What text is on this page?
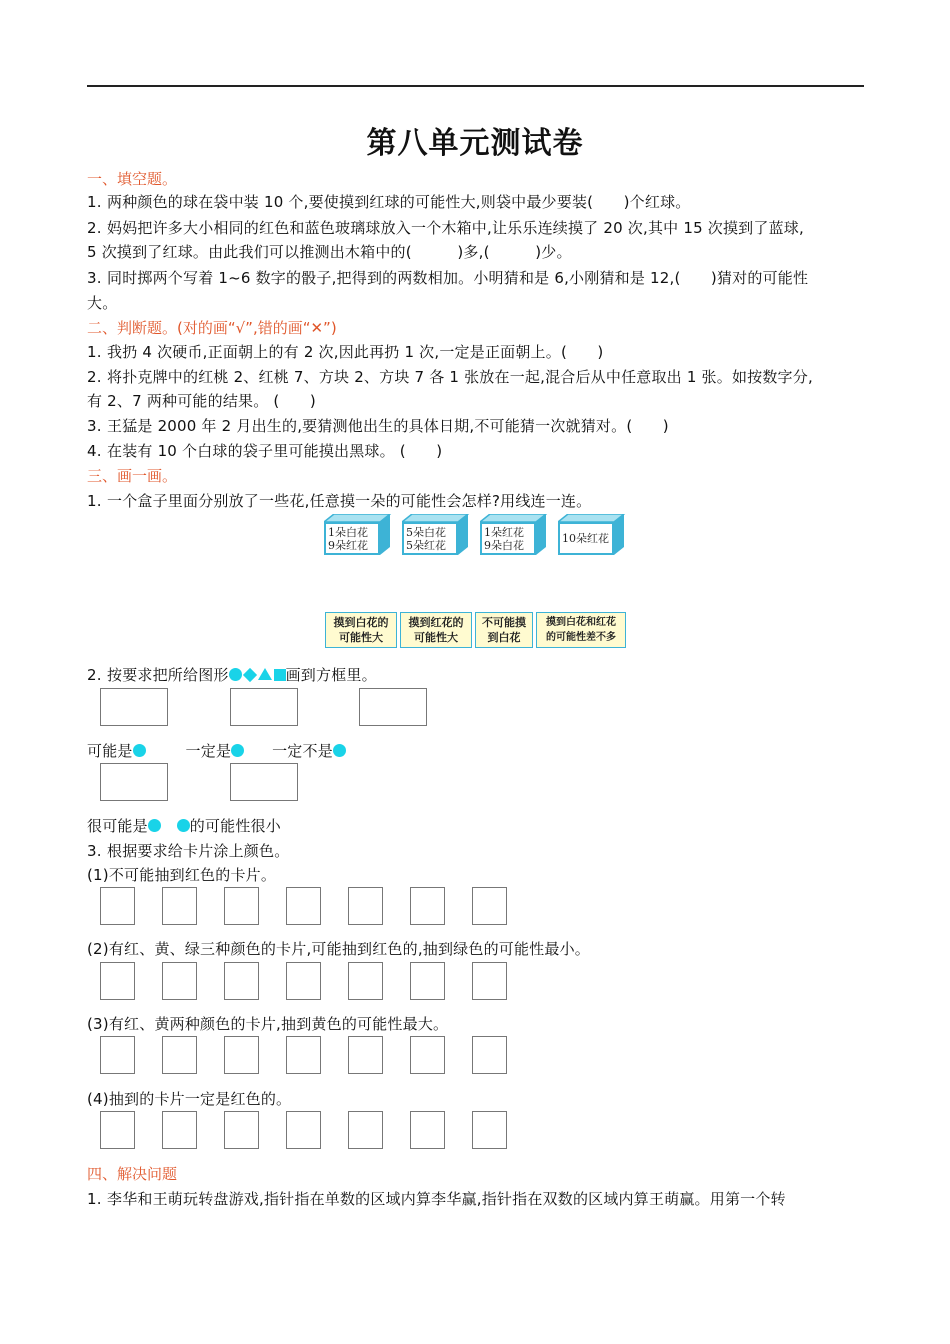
第八单元测试卷
一、填空题。
1. 两种颜色的球在袋中装 10 个,要使摸到红球的可能性大,则袋中最少要装(　　)个红球。
2. 妈妈把许多大小相同的红色和蓝色玻璃球放入一个木箱中,让乐乐连续摸了 20 次,其中 15 次摸到了蓝球,
5 次摸到了红球。由此我们可以推测出木箱中的(　　　)多,(　　　)少。
3. 同时掷两个写着 1~6 数字的骰子,把得到的两数相加。小明猜和是 6,小刚猜和是 12,(　　)猜对的可能性
大。
二、判断题。(对的画“√”,错的画“✕”)
1. 我扔 4 次硬币,正面朝上的有 2 次,因此再扔 1 次,一定是正面朝上。(　　)
2. 将扑克牌中的红桃 2、红桃 7、方块 2、方块 7 各 1 张放在一起,混合后从中任意取出 1 张。如按数字分,
有 2、7 两种可能的结果。 (　　)
3. 王猛是 2000 年 2 月出生的,要猜测他出生的具体日期,不可能猜一次就猜对。(　　)
4. 在装有 10 个白球的袋子里可能摸出黑球。 (　　)
三、画一画。
1. 一个盒子里面分别放了一些花,任意摸一朵的可能性会怎样?用线连一连。
1朵白花
9朵红花
5朵白花
5朵红花
1朵红花
9朵白花
10朵红花
摸到白花的
可能性大
摸到红花的
可能性大
不可能摸
到白花
摸到白花和红花
的可能性差不多
2. 按要求把所给图形	画到方框里。
可能是	一定是	一定不是
很可能是	的可能性很小
3. 根据要求给卡片涂上颜色。
(1)不可能抽到红色的卡片。
(2)有红、黄、绿三种颜色的卡片,可能抽到红色的,抽到绿色的可能性最小。
(3)有红、黄两种颜色的卡片,抽到黄色的可能性最大。
(4)抽到的卡片一定是红色的。
四、解决问题
1. 李华和王萌玩转盘游戏,指针指在单数的区域内算李华赢,指针指在双数的区域内算王萌赢。用第一个转
